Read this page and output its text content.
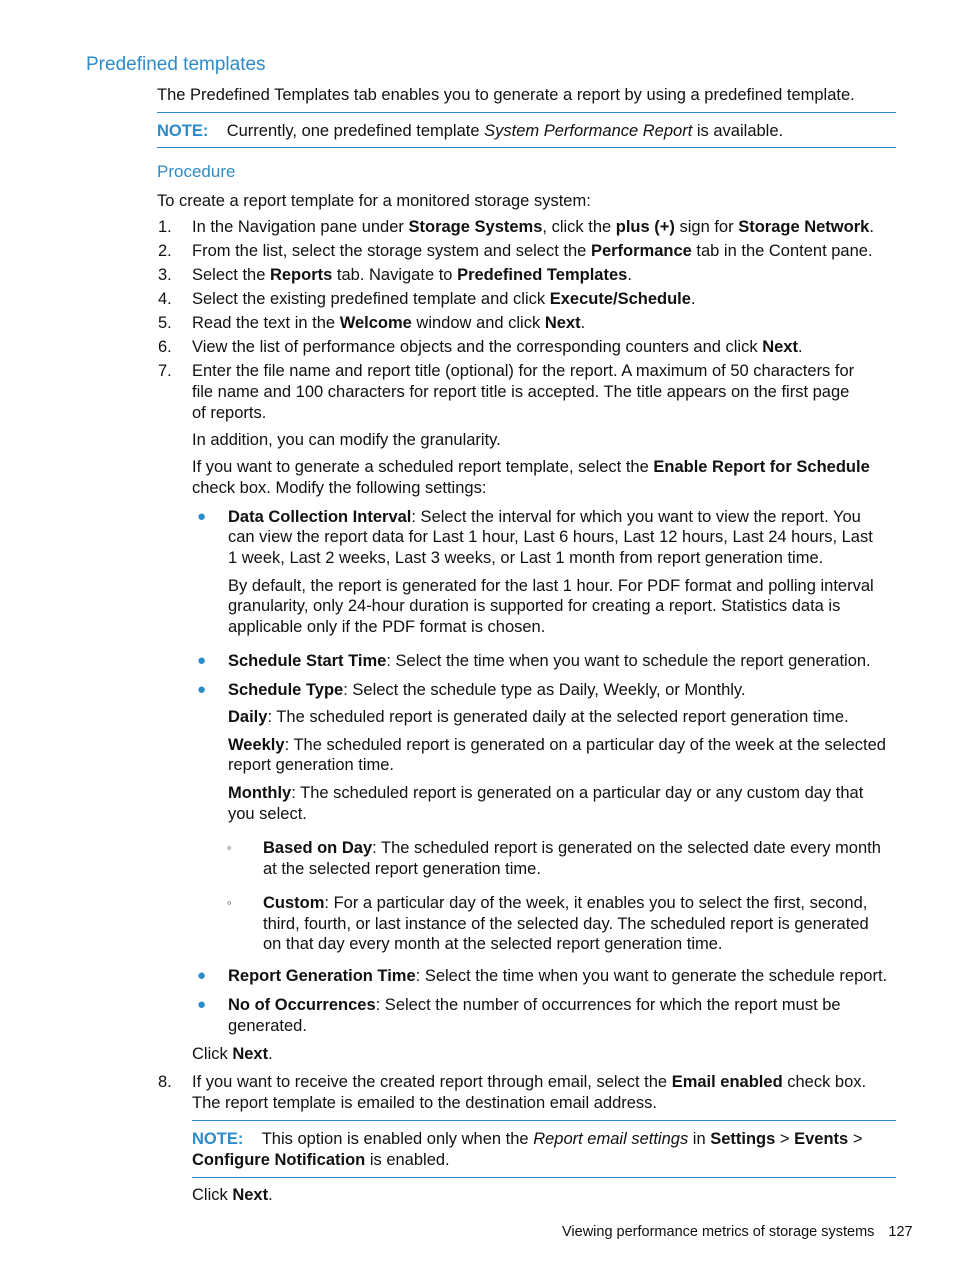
Predefined templates
The Predefined Templates tab enables you to generate a report by using a predefined template.
NOTE: Currently, one predefined template System Performance Report is available.
Procedure
To create a report template for a monitored storage system:
1.	In the Navigation pane under Storage Systems, click the plus (+) sign for Storage Network.
2.	From the list, select the storage system and select the Performance tab in the Content pane.
3.	Select the Reports tab. Navigate to Predefined Templates.
4.	Select the existing predefined template and click Execute/Schedule.
5.	Read the text in the Welcome window and click Next.
6.	View the list of performance objects and the corresponding counters and click Next.
7.	Enter the file name and report title (optional) for the report. A maximum of 50 characters for
file name and 100 characters for report title is accepted. The title appears on the first page
of reports.
In addition, you can modify the granularity.
If you want to generate a scheduled report template, select the Enable Report for Schedule
check box. Modify the following settings:
● Data Collection Interval: Select the interval for which you want to view the report. You
can view the report data for Last 1 hour, Last 6 hours, Last 12 hours, Last 24 hours, Last
1 week, Last 2 weeks, Last 3 weeks, or Last 1 month from report generation time.
By default, the report is generated for the last 1 hour. For PDF format and polling interval
granularity, only 24-hour duration is supported for creating a report. Statistics data is
applicable only if the PDF format is chosen.
● Schedule Start Time: Select the time when you want to schedule the report generation.
● Schedule Type: Select the schedule type as Daily, Weekly, or Monthly.
Daily: The scheduled report is generated daily at the selected report generation time.
Weekly: The scheduled report is generated on a particular day of the week at the selected
report generation time.
Monthly: The scheduled report is generated on a particular day or any custom day that
you select.
◦ Based on Day: The scheduled report is generated on the selected date every month
at the selected report generation time.
◦ Custom: For a particular day of the week, it enables you to select the first, second,
third, fourth, or last instance of the selected day. The scheduled report is generated
on that day every month at the selected report generation time.
● Report Generation Time: Select the time when you want to generate the schedule report.
● No of Occurrences: Select the number of occurrences for which the report must be
generated.
Click Next.
8.	If you want to receive the created report through email, select the Email enabled check box.
The report template is emailed to the destination email address.
NOTE: This option is enabled only when the Report email settings in Settings > Events >
Configure Notification is enabled.
Click Next.
Viewing performance metrics of storage systems 127
